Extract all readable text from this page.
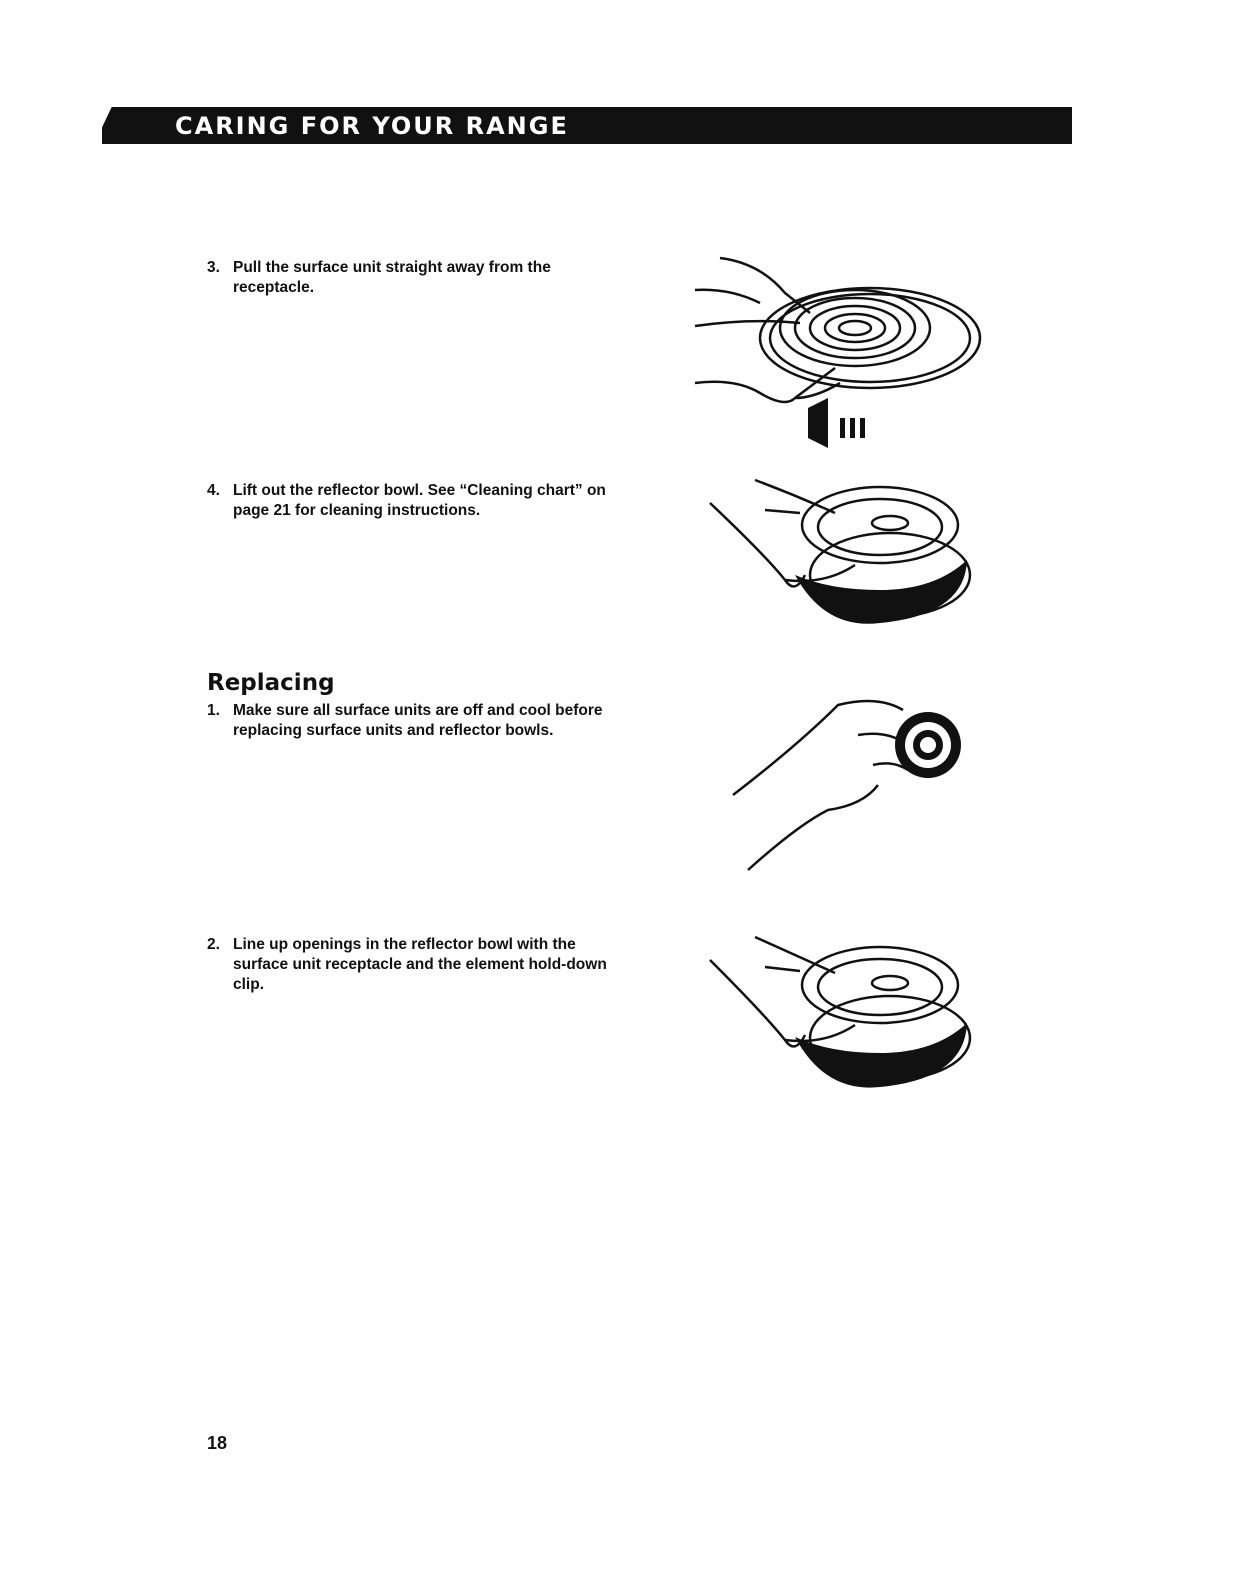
CARING FOR YOUR RANGE
3. Pull the surface unit straight away from the receptacle.
4. Lift out the reflector bowl. See “Cleaning chart” on page 21 for cleaning instructions.
Replacing
1. Make sure all surface units are off and cool before replacing surface units and reflector bowls.
2. Line up openings in the reflector bowl with the surface unit receptacle and the element hold-down clip.
18
